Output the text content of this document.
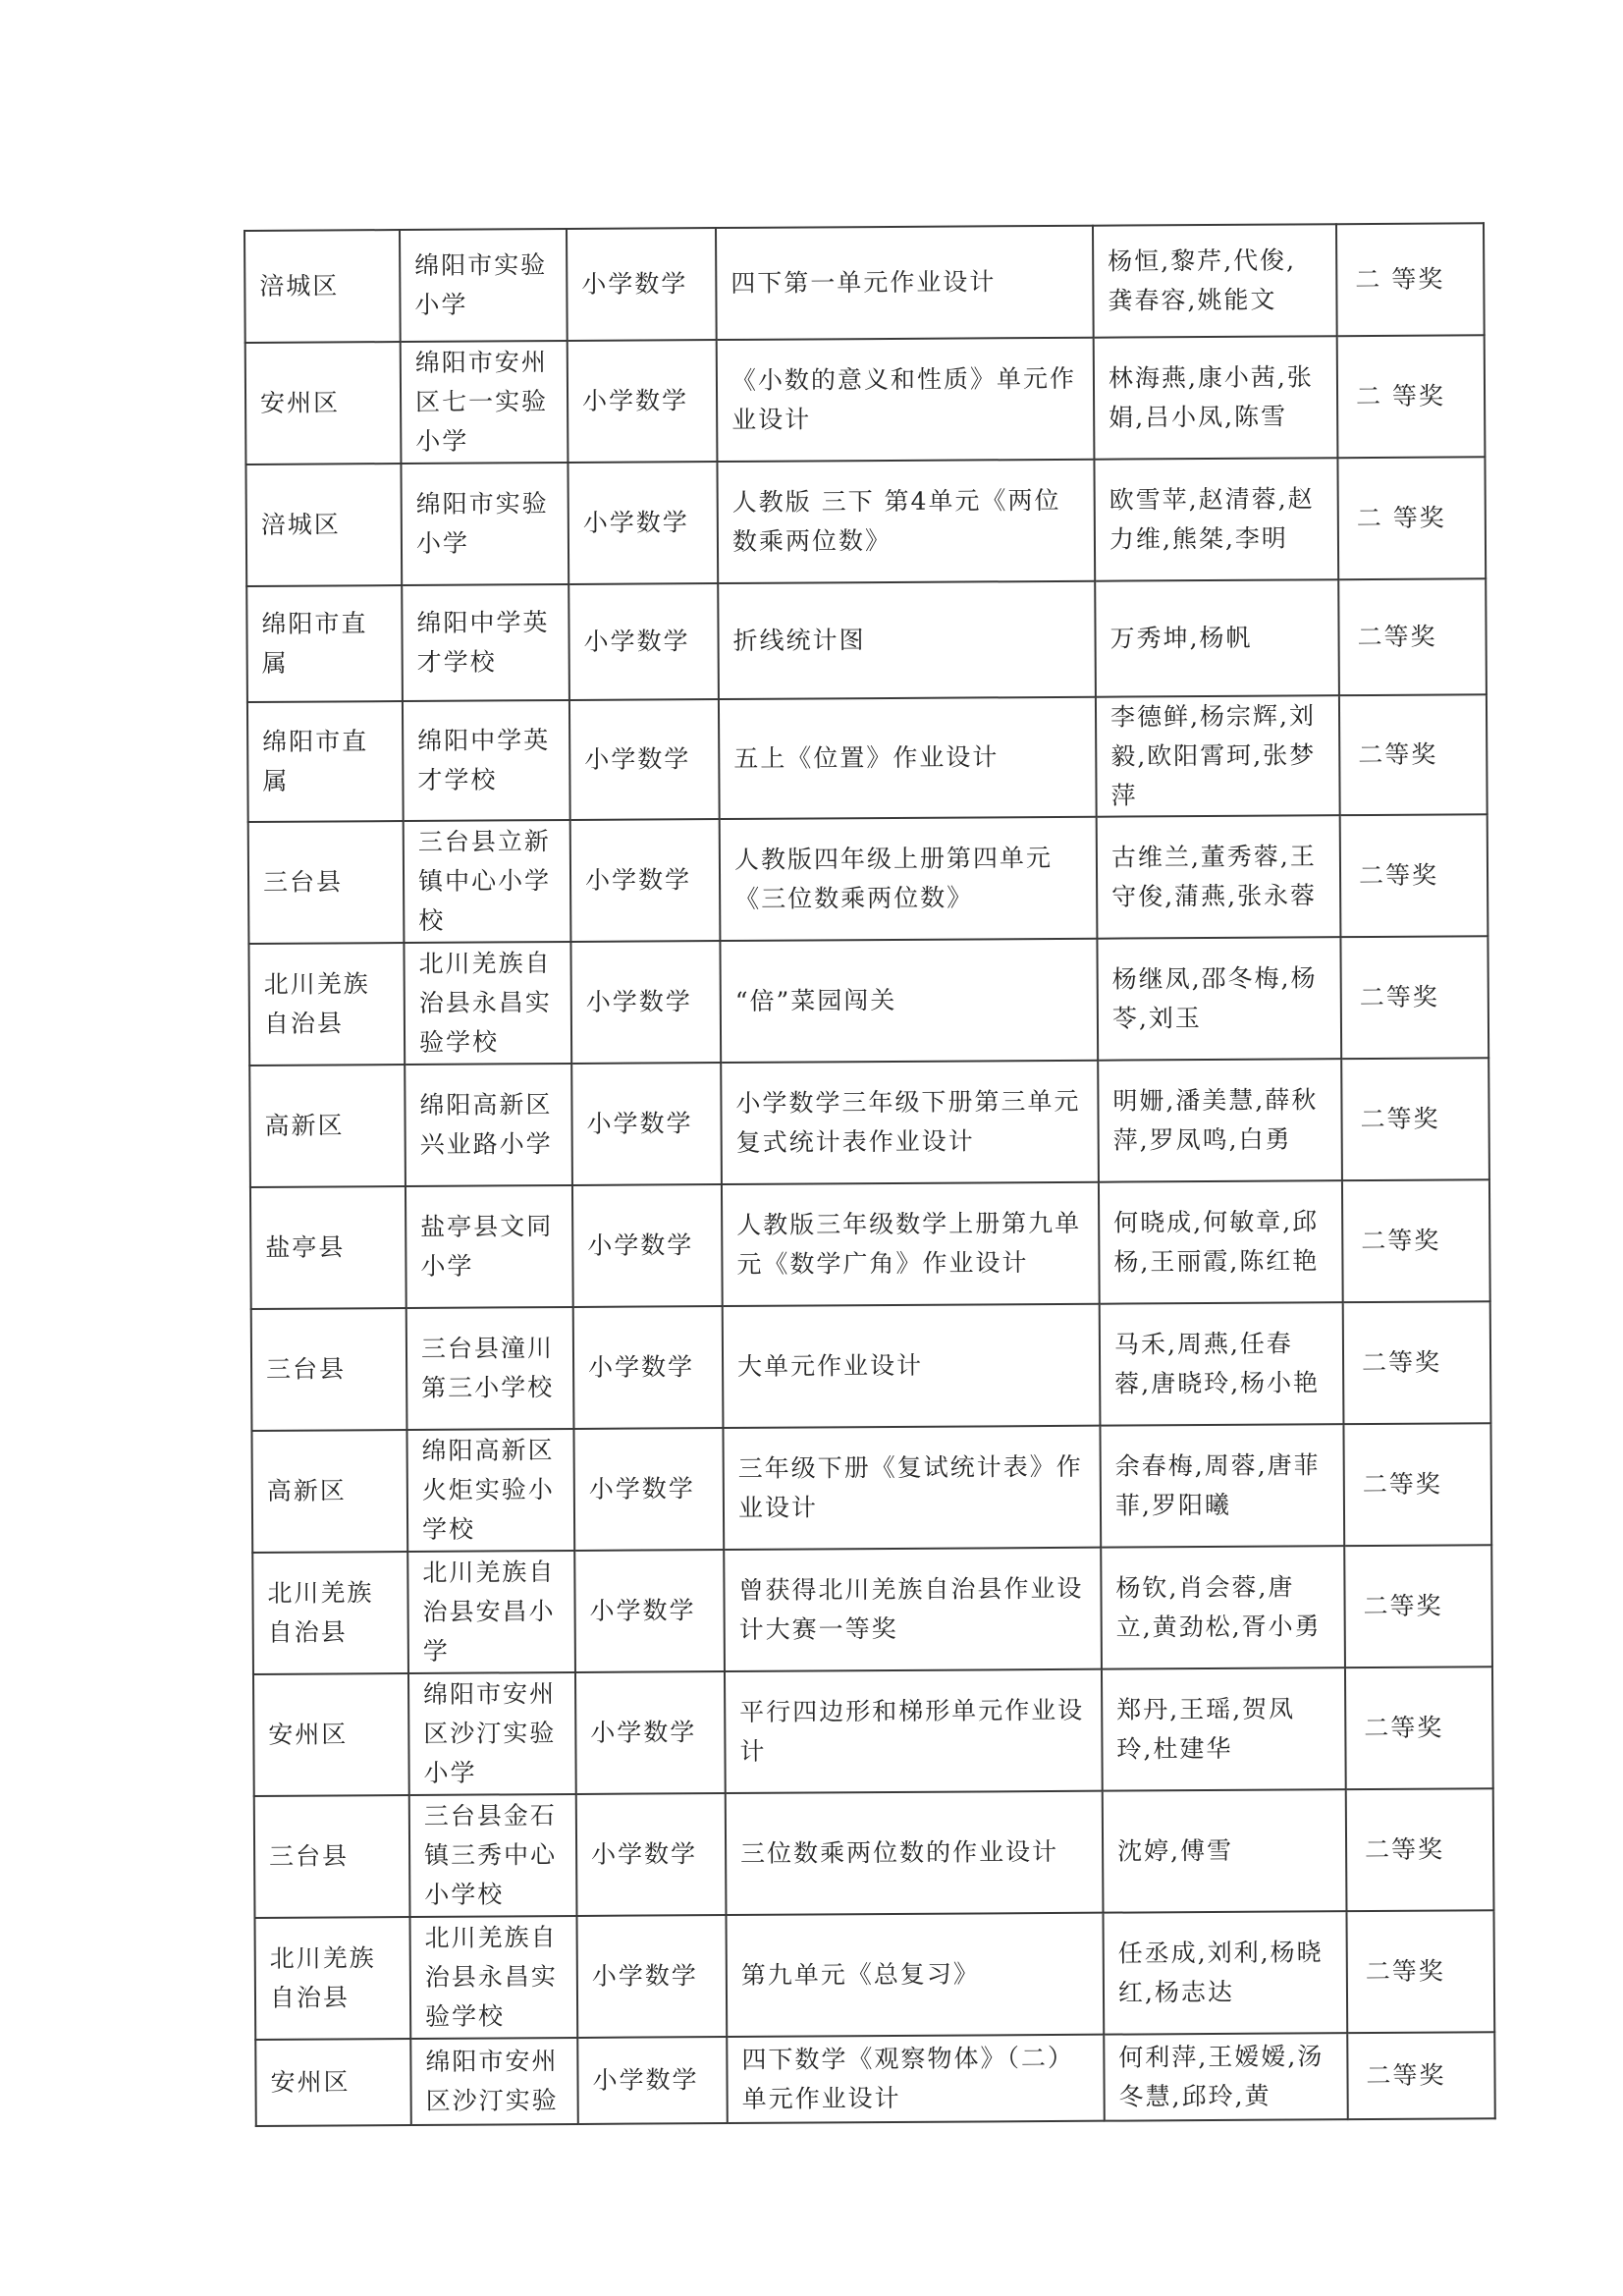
涪城区	绵阳市实验小学	小学数学	四下第一单元作业设计	杨恒,黎芹,代俊,龚春容,姚能文	二 等奖

安州区	绵阳市安州区七一实验小学	小学数学	《小数的意义和性质》单元作业设计	林海燕,康小茜,张娟,吕小凤,陈雪	二 等奖

涪城区	绵阳市实验小学	小学数学	人教版 三下 第4单元《两位数乘两位数》	欧雪苹,赵清蓉,赵力维,熊桀,李明	二 等奖

绵阳市直属	绵阳中学英才学校	小学数学	折线统计图	万秀坤,杨帆	二等奖

绵阳市直属	绵阳中学英才学校	小学数学	五上《位置》作业设计	李德鲜,杨宗辉,刘毅,欧阳霄珂,张梦萍	二等奖

三台县	三台县立新镇中心小学校	小学数学	人教版四年级上册第四单元《三位数乘两位数》	古维兰,董秀蓉,王守俊,蒲燕,张永蓉	二等奖

北川羌族自治县	北川羌族自治县永昌实验学校	小学数学	“倍”菜园闯关	杨继凤,邵冬梅,杨苓,刘玉	二等奖

高新区	绵阳高新区兴业路小学	小学数学	小学数学三年级下册第三单元复式统计表作业设计	明姗,潘美慧,薛秋萍,罗凤鸣,白勇	二等奖

盐亭县	盐亭县文同小学	小学数学	人教版三年级数学上册第九单元《数学广角》作业设计	何晓成,何敏章,邱杨,王丽霞,陈红艳	二等奖

三台县	三台县潼川第三小学校	小学数学	大单元作业设计	马禾,周燕,任春蓉,唐晓玲,杨小艳	二等奖

高新区	绵阳高新区火炬实验小学校	小学数学	三年级下册《复试统计表》作业设计	余春梅,周蓉,唐菲菲,罗阳曦	二等奖

北川羌族自治县	北川羌族自治县安昌小学	小学数学	曾获得北川羌族自治县作业设计大赛一等奖	杨钦,肖会蓉,唐立,黄劲松,胥小勇	二等奖

安州区	绵阳市安州区沙汀实验小学	小学数学	平行四边形和梯形单元作业设计	郑丹,王瑶,贺凤玲,杜建华	二等奖

三台县	三台县金石镇三秀中心小学校	小学数学	三位数乘两位数的作业设计	沈婷,傅雪	二等奖

北川羌族自治县	北川羌族自治县永昌实验学校	小学数学	第九单元《总复习》	任丞成,刘利,杨晓红,杨志达	二等奖

安州区	绵阳市安州区沙汀实验	小学数学	四下数学《观察物体》（二）单元作业设计	何利萍,王嫒嫒,汤冬慧,邱玲,黄	二等奖
